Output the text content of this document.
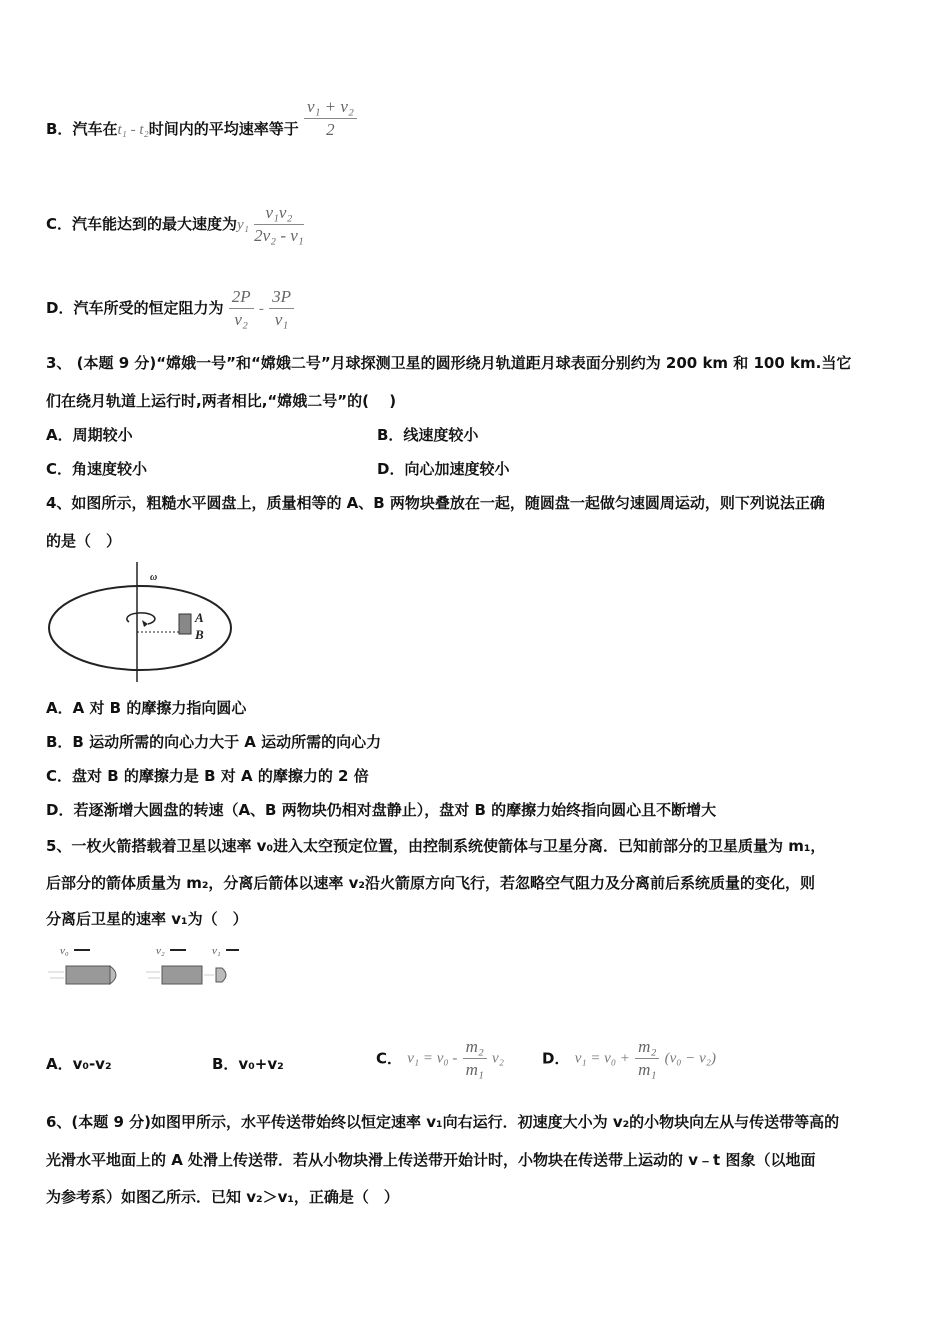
B．汽车在t₁ - t₂时间内的平均速率等于 $\frac{\text{v₁ + v₂}}{2}$
C．汽车能达到的最大速度为$y_1 \frac{\text{v₁v₂}}{\text{2v₂ - v₁}}$
D．汽车所受的恒定阻力为 $\frac{2P}{\text{v₂}} - \frac{3P}{\text{v₁}}$
3、 (本题 9 分)“嫦娥一号”和“嫦娥二号”月球探测卫星的圆形绕月轨道距月球表面分别约为 200 km 和 100 km.当它
们在绕月轨道上运行时,两者相比,“嫦娥二号”的(　 )
A．周期较小	B．线速度较小
C．角速度较小	D．向心加速度较小
4、如图所示，粗糙水平圆盘上，质量相等的 A、B 两物块叠放在一起，随圆盘一起做匀速圆周运动，则下列说法正确
的是（　）
ω
A
B
A．A 对 B 的摩擦力指向圆心
B．B 运动所需的向心力大于 A 运动所需的向心力
C．盘对 B 的摩擦力是 B 对 A 的摩擦力的 2 倍
D．若逐渐增大圆盘的转速（A、B 两物块仍相对盘静止），盘对 B 的摩擦力始终指向圆心且不断增大
5、一枚火箭搭载着卫星以速率 v₀进入太空预定位置，由控制系统使箭体与卫星分离．已知前部分的卫星质量为 m₁，
后部分的箭体质量为 m₂，分离后箭体以速率 v₂沿火箭原方向飞行，若忽略空气阻力及分离前后系统质量的变化，则
分离后卫星的速率 v₁为（　）
v₀	v₂	v₁
A．v₀-v₂	B．v₀+v₂	C． $v_1 = v_0 - \frac{\text{m₂}}{\text{m₁}} v_2$	D． $v_1 = v_0 + \frac{\text{m₂}}{\text{m₁}} (v_0 - v_2)$
6、(本题 9 分)如图甲所示，水平传送带始终以恒定速率 v₁向右运行．初速度大小为 v₂的小物块向左从与传送带等高的
光滑水平地面上的 A 处滑上传送带．若从小物块滑上传送带开始计时，小物块在传送带上运动的 v﹣t 图象（以地面
为参考系）如图乙所示．已知 v₂＞v₁，正确是（　）
